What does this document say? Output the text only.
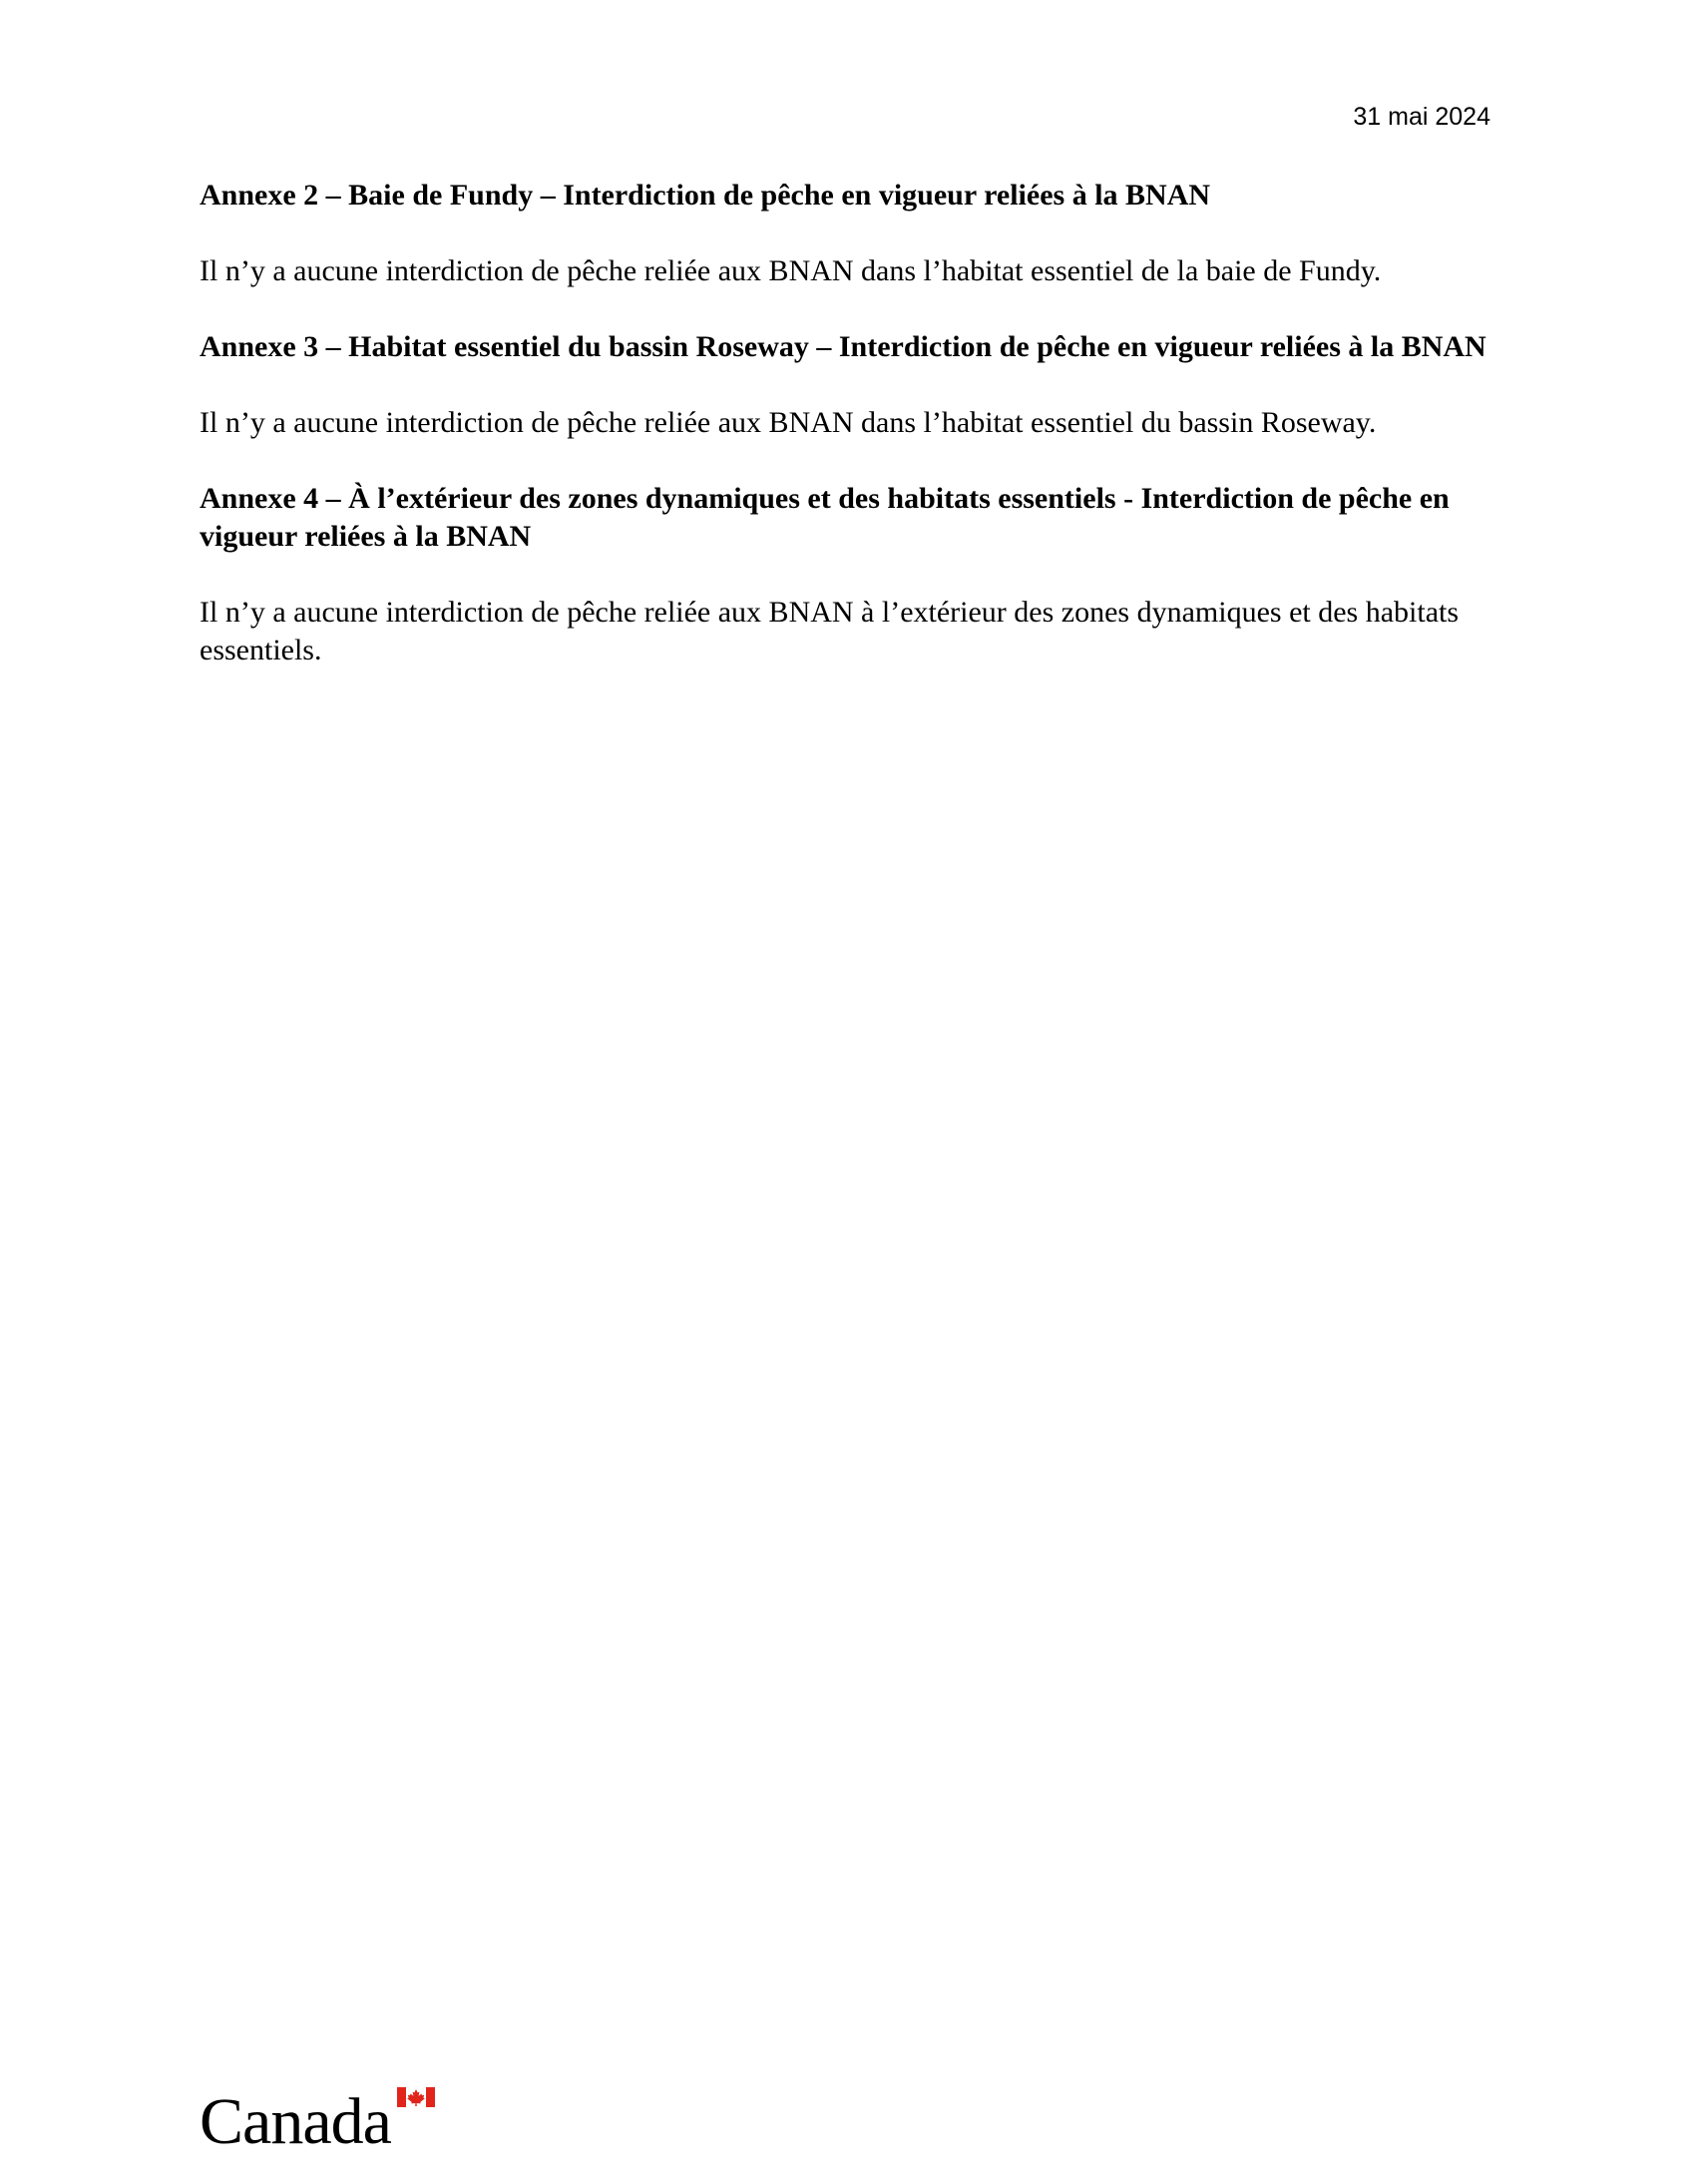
31 mai 2024

Annexe 2 – Baie de Fundy – Interdiction de pêche en vigueur reliées à la BNAN

Il n’y a aucune interdiction de pêche reliée aux BNAN dans l’habitat essentiel de la baie de Fundy.

Annexe 3 – Habitat essentiel du bassin Roseway – Interdiction de pêche en vigueur reliées à la BNAN

Il n’y a aucune interdiction de pêche reliée aux BNAN dans l’habitat essentiel du bassin Roseway.

Annexe 4 – À l’extérieur des zones dynamiques et des habitats essentiels - Interdiction de pêche en vigueur reliées à la BNAN

Il n’y a aucune interdiction de pêche reliée aux BNAN à l’extérieur des zones dynamiques et des habitats essentiels.

Canada
